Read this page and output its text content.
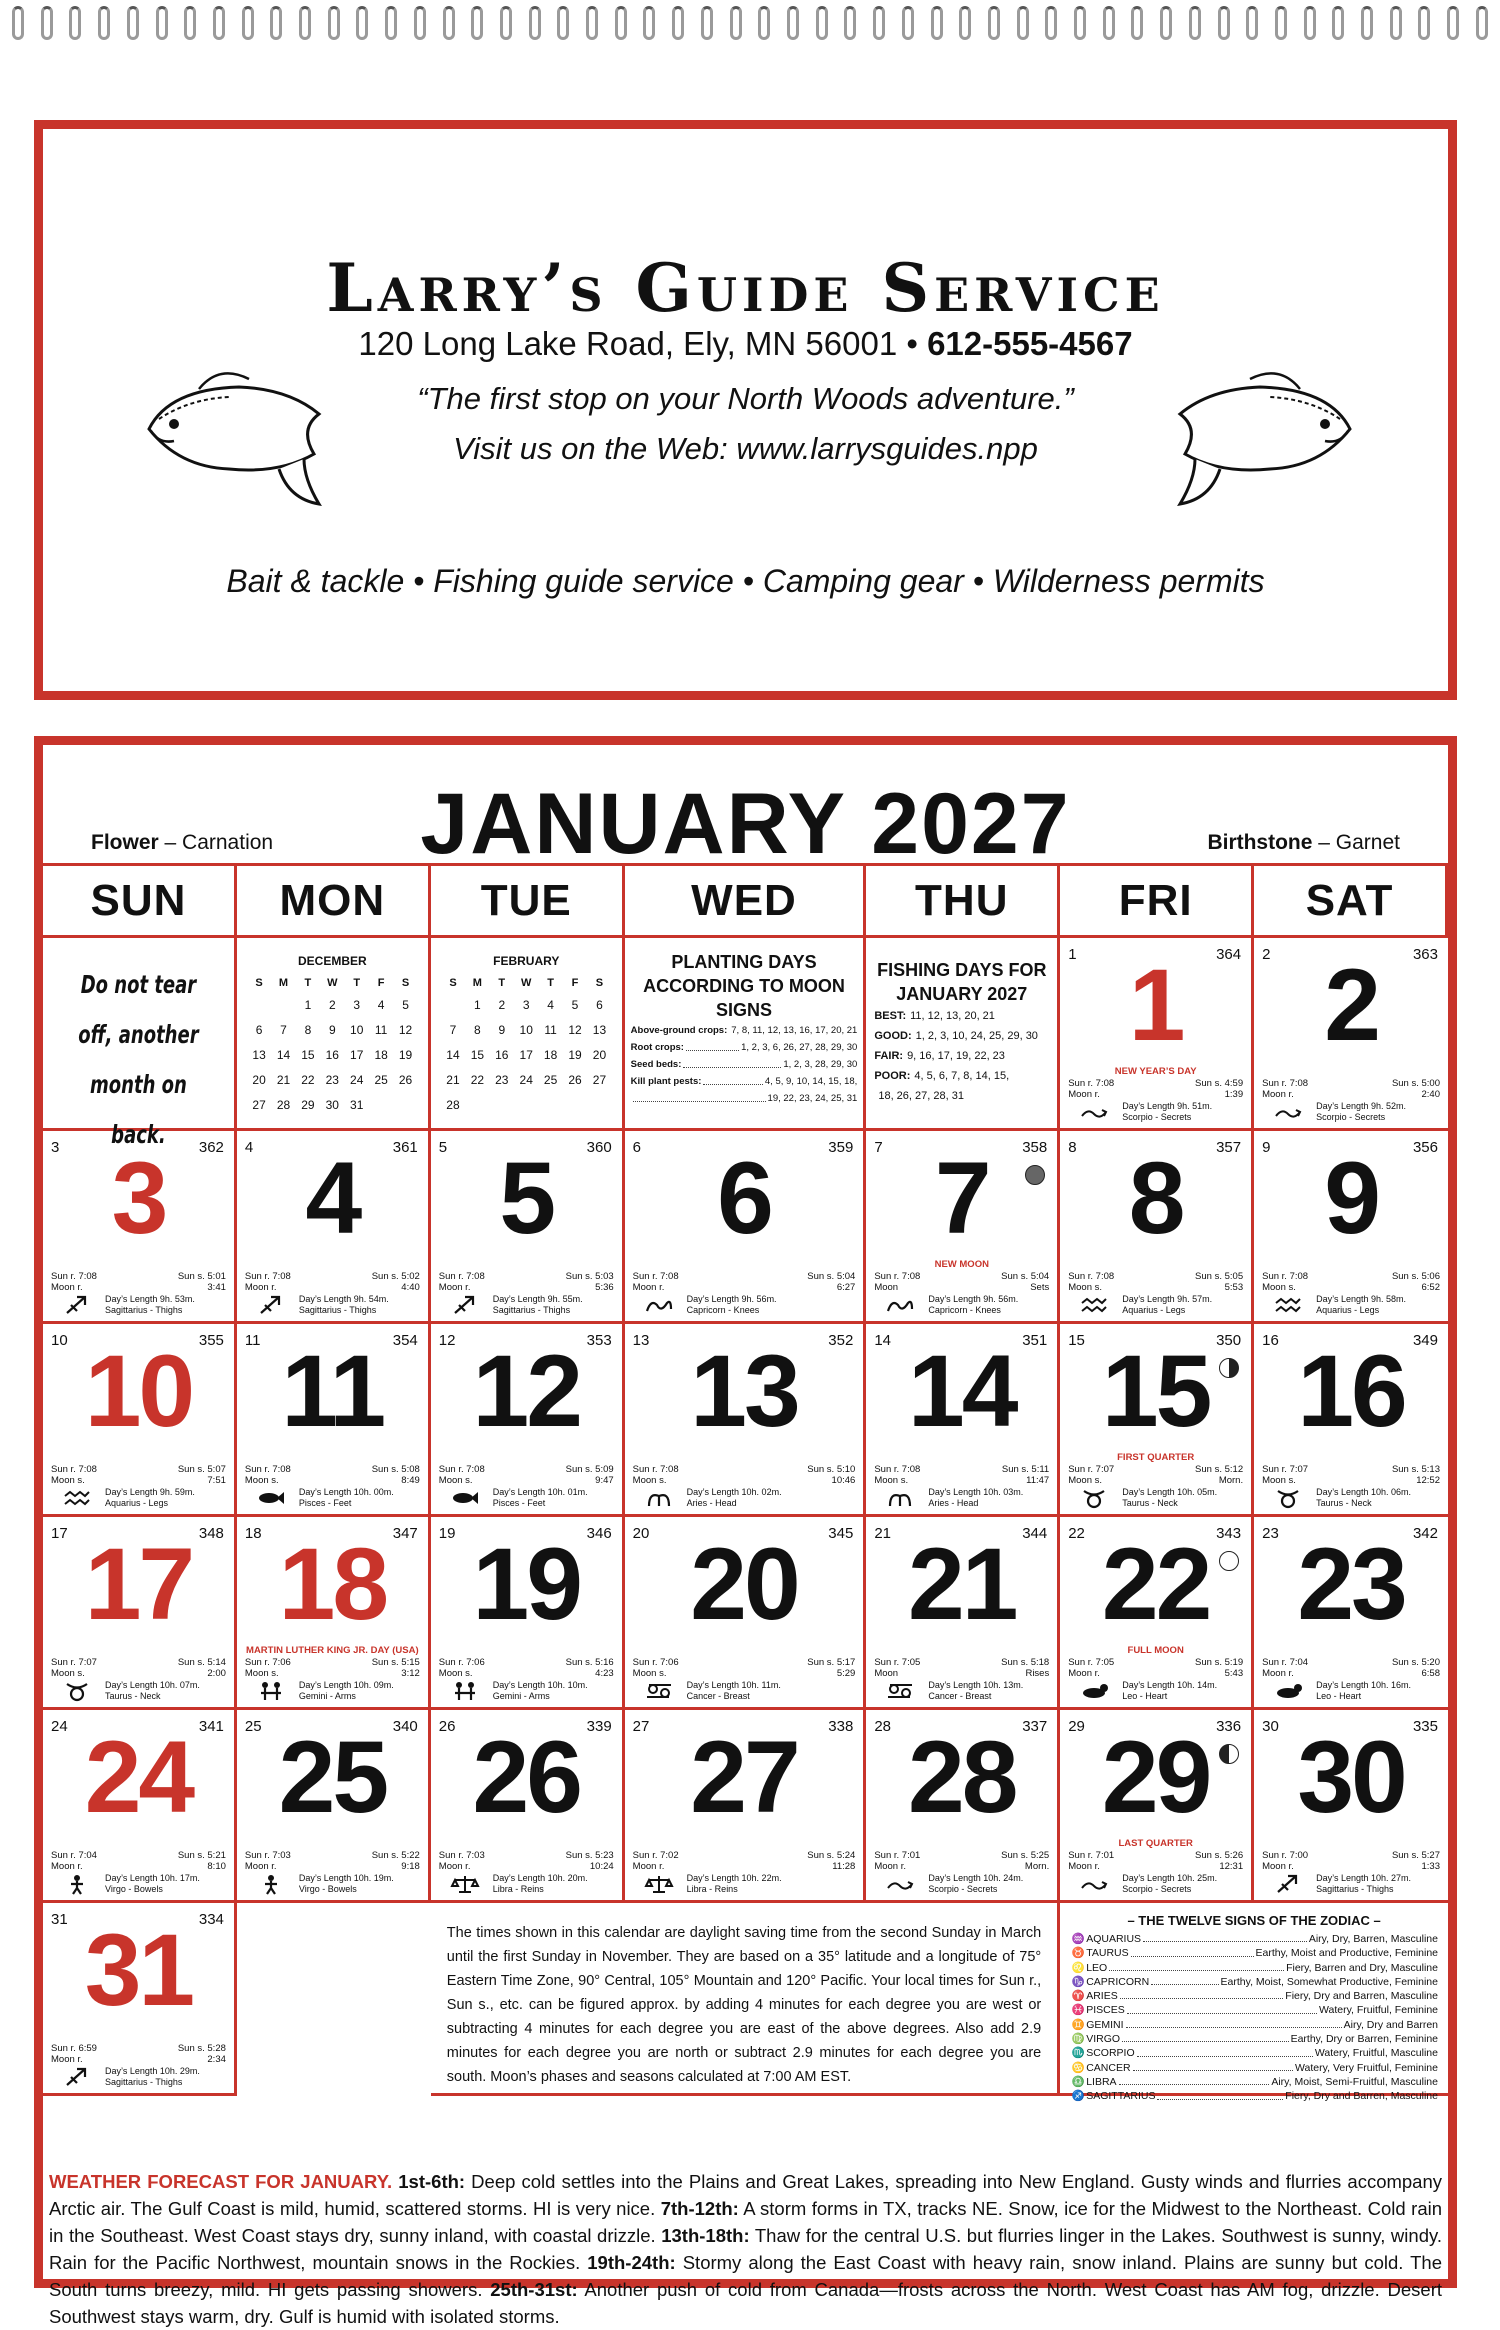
Larry’s Guide Service
120 Long Lake Road, Ely, MN 56001 • 612-555-4567
“The first stop on your North Woods adventure.”
Visit us on the Web: www.larrysguides.npp
Bait & tackle • Fishing guide service • Camping gear • Wilderness permits
JANUARY 2027
Flower – Carnation	Birthstone – Garnet
SUN	MON	TUE	WED	THU	FRI	SAT
Do not tear off, another month on back.
DECEMBER
S	M	T	W	T	F	S
		1	2	3	4	5
6	7	8	9	10	11	12
13	14	15	16	17	18	19
20	21	22	23	24	25	26
27	28	29	30	31		
FEBRUARY
S	M	T	W	T	F	S
	1	2	3	4	5	6
7	8	9	10	11	12	13
14	15	16	17	18	19	20
21	22	23	24	25	26	27
28						
PLANTING DAYS ACCORDING TO MOON SIGNS
Above-ground crops: 7, 8, 11, 12, 13, 16, 17, 20, 21
Root crops:	1, 2, 3, 6, 26, 27, 28, 29, 30
Seed beds:	1, 2, 3, 28, 29, 30
Kill plant pests:	4, 5, 9, 10, 14, 15, 18,
19, 22, 23, 24, 25, 31
FISHING DAYS FOR JANUARY 2027
BEST: 11, 12, 13, 20, 21
GOOD: 1, 2, 3, 10, 24, 25, 29, 30
FAIR: 9, 16, 17, 19, 22, 23
POOR: 4, 5, 6, 7, 8, 14, 15,
18, 26, 27, 28, 31
1	364
1
NEW YEAR’S DAY
Sun r. 7:08	Sun s. 4:59
Moon r.	1:39
Day’s Length 9h. 51m.
Scorpio - Secrets
2	363
2
Sun r. 7:08	Sun s. 5:00
Moon r.	2:40
Day’s Length 9h. 52m.
Scorpio - Secrets
3	362
3
Sun r. 7:08	Sun s. 5:01
Moon r.	3:41
Day’s Length 9h. 53m.
Sagittarius - Thighs
4	361
4
Sun r. 7:08	Sun s. 5:02
Moon r.	4:40
Day’s Length 9h. 54m.
Sagittarius - Thighs
5	360
5
Sun r. 7:08	Sun s. 5:03
Moon r.	5:36
Day’s Length 9h. 55m.
Sagittarius - Thighs
6	359
6
Sun r. 7:08	Sun s. 5:04
Moon r.	6:27
Day’s Length 9h. 56m.
Capricorn - Knees
7	358
7
NEW MOON
Sun r. 7:08	Sun s. 5:04
Moon	Sets
Day’s Length 9h. 56m.
Capricorn - Knees
8	357
8
Sun r. 7:08	Sun s. 5:05
Moon s.	5:53
Day’s Length 9h. 57m.
Aquarius - Legs
9	356
9
Sun r. 7:08	Sun s. 5:06
Moon s.	6:52
Day’s Length 9h. 58m.
Aquarius - Legs
10	355
10
Sun r. 7:08	Sun s. 5:07
Moon s.	7:51
Day’s Length 9h. 59m.
Aquarius - Legs
11	354
11
Sun r. 7:08	Sun s. 5:08
Moon s.	8:49
Day’s Length 10h. 00m.
Pisces - Feet
12	353
12
Sun r. 7:08	Sun s. 5:09
Moon s.	9:47
Day’s Length 10h. 01m.
Pisces - Feet
13	352
13
Sun r. 7:08	Sun s. 5:10
Moon s.	10:46
Day’s Length 10h. 02m.
Aries - Head
14	351
14
Sun r. 7:08	Sun s. 5:11
Moon s.	11:47
Day’s Length 10h. 03m.
Aries - Head
15	350
15
FIRST QUARTER
Sun r. 7:07	Sun s. 5:12
Moon s.	Morn.
Day’s Length 10h. 05m.
Taurus - Neck
16	349
16
Sun r. 7:07	Sun s. 5:13
Moon s.	12:52
Day’s Length 10h. 06m.
Taurus - Neck
17	348
17
Sun r. 7:07	Sun s. 5:14
Moon s.	2:00
Day’s Length 10h. 07m.
Taurus - Neck
18	347
18
MARTIN LUTHER KING JR. DAY (USA)
Sun r. 7:06	Sun s. 5:15
Moon s.	3:12
Day’s Length 10h. 09m.
Gemini - Arms
19	346
19
Sun r. 7:06	Sun s. 5:16
Moon s.	4:23
Day’s Length 10h. 10m.
Gemini - Arms
20	345
20
Sun r. 7:06	Sun s. 5:17
Moon s.	5:29
Day’s Length 10h. 11m.
Cancer - Breast
21	344
21
Sun r. 7:05	Sun s. 5:18
Moon	Rises
Day’s Length 10h. 13m.
Cancer - Breast
22	343
22
FULL MOON
Sun r. 7:05	Sun s. 5:19
Moon r.	5:43
Day’s Length 10h. 14m.
Leo - Heart
23	342
23
Sun r. 7:04	Sun s. 5:20
Moon r.	6:58
Day’s Length 10h. 16m.
Leo - Heart
24	341
24
Sun r. 7:04	Sun s. 5:21
Moon r.	8:10
Day’s Length 10h. 17m.
Virgo - Bowels
25	340
25
Sun r. 7:03	Sun s. 5:22
Moon r.	9:18
Day’s Length 10h. 19m.
Virgo - Bowels
26	339
26
Sun r. 7:03	Sun s. 5:23
Moon r.	10:24
Day’s Length 10h. 20m.
Libra - Reins
27	338
27
Sun r. 7:02	Sun s. 5:24
Moon r.	11:28
Day’s Length 10h. 22m.
Libra - Reins
28	337
28
Sun r. 7:01	Sun s. 5:25
Moon r.	Morn.
Day’s Length 10h. 24m.
Scorpio - Secrets
29	336
29
LAST QUARTER
Sun r. 7:01	Sun s. 5:26
Moon r.	12:31
Day’s Length 10h. 25m.
Scorpio - Secrets
30	335
30
Sun r. 7:00	Sun s. 5:27
Moon r.	1:33
Day’s Length 10h. 27m.
Sagittarius - Thighs
31	334
31
Sun r. 6:59	Sun s. 5:28
Moon r.	2:34
Day’s Length 10h. 29m.
Sagittarius - Thighs
The times shown in this calendar are daylight saving time from the second Sunday in March until the first Sunday in November. They are based on a 35° latitude and a longitude of 75° Eastern Time Zone, 90° Central, 105° Mountain and 120° Pacific. Your local times for Sun r., Sun s., etc. can be figured approx. by adding 4 minutes for each degree you are west or subtracting 4 minutes for each degree you are east of the above degrees. Also add 2.9 minutes for each degree you are north or subtract 2.9 minutes for each degree you are south. Moon’s phases and seasons calculated at 7:00 AM EST.
– THE TWELVE SIGNS OF THE ZODIAC –
♒ AQUARIUS	Airy, Dry, Barren, Masculine
♉ TAURUS	Earthy, Moist and Productive, Feminine
♌ LEO	Fiery, Barren and Dry, Masculine
♑ CAPRICORN	Earthy, Moist, Somewhat Productive, Feminine
♈ ARIES	Fiery, Dry and Barren, Masculine
♓ PISCES	Watery, Fruitful, Feminine
♊ GEMINI	Airy, Dry and Barren
♍ VIRGO	Earthy, Dry or Barren, Feminine
♏ SCORPIO	Watery, Fruitful, Masculine
♋ CANCER	Watery, Very Fruitful, Feminine
♎ LIBRA	Airy, Moist, Semi-Fruitful, Masculine
♐ SAGITTARIUS	Fiery, Dry and Barren, Masculine
WEATHER FORECAST FOR JANUARY. 1st-6th: Deep cold settles into the Plains and Great Lakes, spreading into New England. Gusty winds and flurries accompany Arctic air. The Gulf Coast is mild, humid, scattered storms. HI is very nice. 7th-12th: A storm forms in TX, tracks NE. Snow, ice for the Midwest to the Northeast. Cold rain in the Southeast. West Coast stays dry, sunny inland, with coastal drizzle. 13th-18th: Thaw for the central U.S. but flurries linger in the Lakes. Southwest is sunny, windy. Rain for the Pacific Northwest, mountain snows in the Rockies. 19th-24th: Stormy along the East Coast with heavy rain, snow inland. Plains are sunny but cold. The South turns breezy, mild. HI gets passing showers. 25th-31st: Another push of cold from Canada—frosts across the North. West Coast has AM fog, drizzle. Desert Southwest stays warm, dry. Gulf is humid with isolated storms.
